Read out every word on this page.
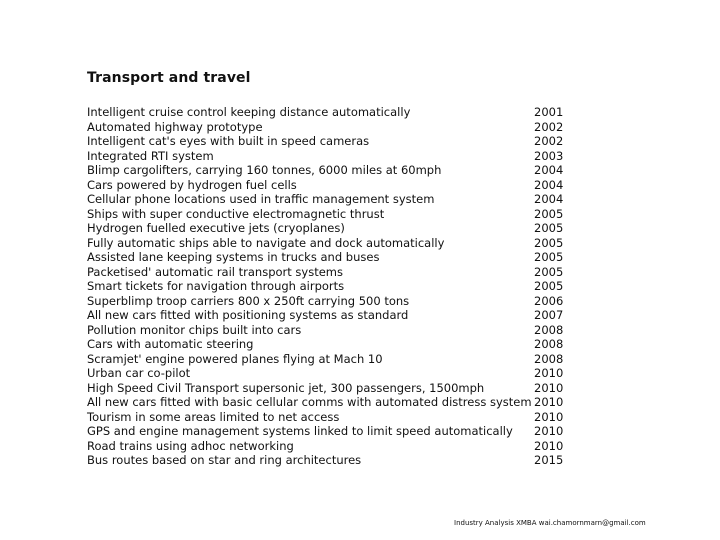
Transport and travel
Intelligent cruise control keeping distance automatically	2001
Automated highway prototype	2002
Intelligent cat's eyes with built in speed cameras	2002
Integrated RTI system	2003
Blimp cargolifters, carrying 160 tonnes, 6000 miles at 60mph	2004
Cars powered by hydrogen fuel cells	2004
Cellular phone locations used in traffic management system	2004
Ships with super conductive electromagnetic thrust	2005
Hydrogen fuelled executive jets (cryoplanes)	2005
Fully automatic ships able to navigate and dock automatically	2005
Assisted lane keeping systems in trucks and buses	2005
Packetised' automatic rail transport systems	2005
Smart tickets for navigation through airports	2005
Superblimp troop carriers 800 x 250ft carrying 500 tons	2006
All new cars fitted with positioning systems as standard	2007
Pollution monitor chips built into cars	2008
Cars with automatic steering	2008
Scramjet' engine powered planes flying at Mach 10	2008
Urban car co-pilot	2010
High Speed Civil Transport supersonic jet, 300 passengers, 1500mph	2010
All new cars fitted with basic cellular comms with automated distress system 2010
Tourism in some areas limited to net access	2010
GPS and engine management systems linked to limit speed automatically 2010
Road trains using adhoc networking	2010
Bus routes based on star and ring architectures	2015
Industry Analysis XMBA wai.chamornmarn@gmail.com
